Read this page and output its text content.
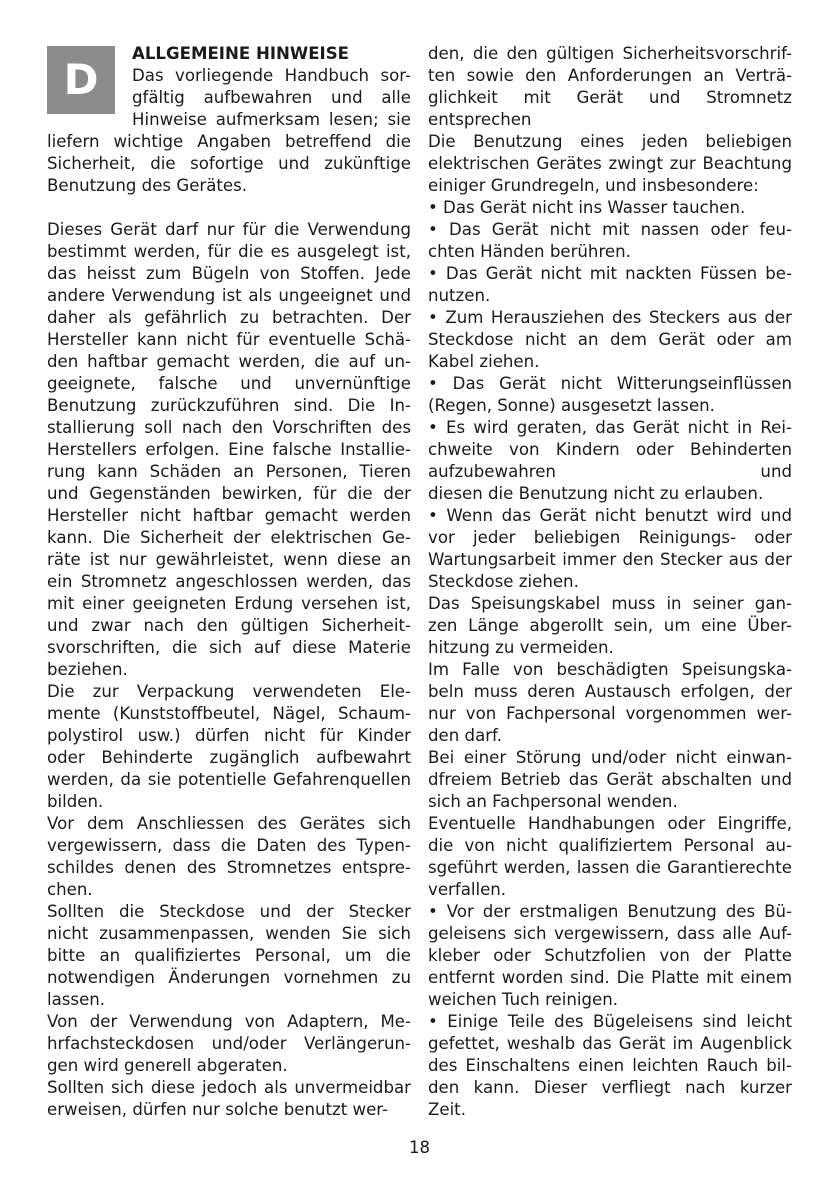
D
ALLGEMEINE HINWEISE
Das vorliegende Handbuch sor-
gfältig aufbewahren und alle
Hinweise aufmerksam lesen; sie
liefern wichtige Angaben betreffend die
Sicherheit, die sofortige und zukünftige
Benutzung des Gerätes.
Dieses Gerät darf nur für die Verwendung
bestimmt werden, für die es ausgelegt ist,
das heisst zum Bügeln von Stoffen. Jede
andere Verwendung ist als ungeeignet und
daher als gefährlich zu betrachten. Der
Hersteller kann nicht für eventuelle Schä-
den haftbar gemacht werden, die auf un-
geeignete, falsche und unvernünftige
Benutzung zurückzuführen sind. Die In-
stallierung soll nach den Vorschriften des
Herstellers erfolgen. Eine falsche Installie-
rung kann Schäden an Personen, Tieren
und Gegenständen bewirken, für die der
Hersteller nicht haftbar gemacht werden
kann. Die Sicherheit der elektrischen Ge-
räte ist nur gewährleistet, wenn diese an
ein Stromnetz angeschlossen werden, das
mit einer geeigneten Erdung versehen ist,
und zwar nach den gültigen Sicherheit-
svorschriften, die sich auf diese Materie
beziehen.
Die zur Verpackung verwendeten Ele-
mente (Kunststoffbeutel, Nägel, Schaum-
polystirol usw.) dürfen nicht für Kinder
oder Behinderte zugänglich aufbewahrt
werden, da sie potentielle Gefahrenquellen
bilden.
Vor dem Anschliessen des Gerätes sich
vergewissern, dass die Daten des Typen-
schildes denen des Stromnetzes entspre-
chen.
Sollten die Steckdose und der Stecker
nicht zusammenpassen, wenden Sie sich
bitte an qualifiziertes Personal, um die
notwendigen Änderungen vornehmen zu
lassen.
Von der Verwendung von Adaptern, Me-
hrfachsteckdosen und/oder Verlängerun-
gen wird generell abgeraten.
Sollten sich diese jedoch als unvermeidbar
erweisen, dürfen nur solche benutzt wer-
den, die den gültigen Sicherheitsvorschrif-
ten sowie den Anforderungen an Verträ-
glichkeit mit Gerät und Stromnetz
entsprechen
Die Benutzung eines jeden beliebigen
elektrischen Gerätes zwingt zur Beachtung
einiger Grundregeln, und insbesondere:
• Das Gerät nicht ins Wasser tauchen.
• Das Gerät nicht mit nassen oder feu-
chten Händen berühren.
• Das Gerät nicht mit nackten Füssen be-
nutzen.
• Zum Herausziehen des Steckers aus der
Steckdose nicht an dem Gerät oder am
Kabel ziehen.
• Das Gerät nicht Witterungseinflüssen
(Regen, Sonne) ausgesetzt lassen.
• Es wird geraten, das Gerät nicht in Rei-
chweite von Kindern oder Behinderten
aufzubewahren und
diesen die Benutzung nicht zu erlauben.
• Wenn das Gerät nicht benutzt wird und
vor jeder beliebigen Reinigungs- oder
Wartungsarbeit immer den Stecker aus der
Steckdose ziehen.
Das Speisungskabel muss in seiner gan-
zen Länge abgerollt sein, um eine Über-
hitzung zu vermeiden.
Im Falle von beschädigten Speisungska-
beln muss deren Austausch erfolgen, der
nur von Fachpersonal vorgenommen wer-
den darf.
Bei einer Störung und/oder nicht einwan-
dfreiem Betrieb das Gerät abschalten und
sich an Fachpersonal wenden.
Eventuelle Handhabungen oder Eingriffe,
die von nicht qualifiziertem Personal au-
sgeführt werden, lassen die Garantierechte
verfallen.
• Vor der erstmaligen Benutzung des Bü-
geleisens sich vergewissern, dass alle Auf-
kleber oder Schutzfolien von der Platte
entfernt worden sind. Die Platte mit einem
weichen Tuch reinigen.
• Einige Teile des Bügeleisens sind leicht
gefettet, weshalb das Gerät im Augenblick
des Einschaltens einen leichten Rauch bil-
den kann. Dieser verfliegt nach kurzer
Zeit.
18
